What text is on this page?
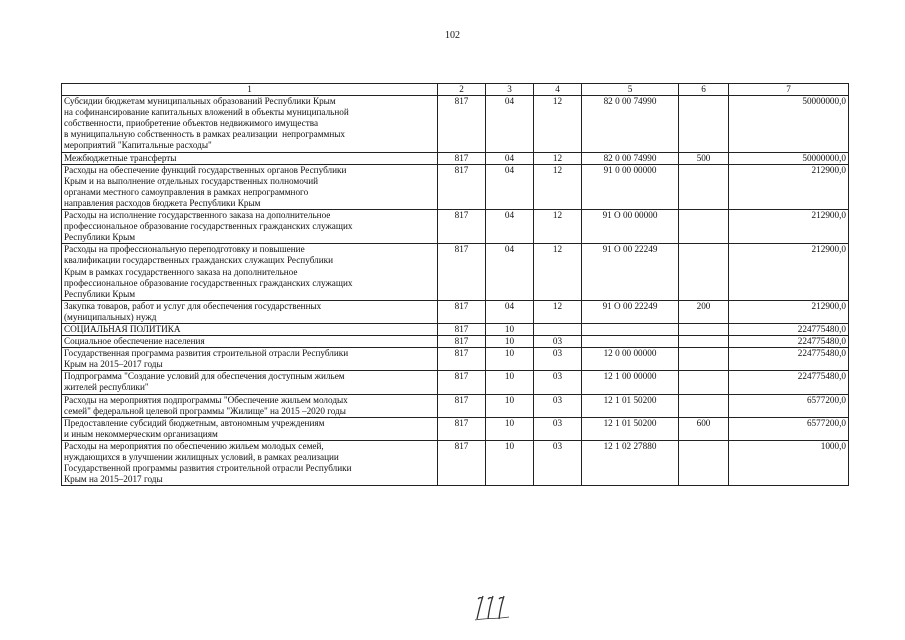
102
1	2	3	4	5	6	7
Субсидии бюджетам муниципальных образований Республики Крым
на софинансирование капитальных вложений в объекты муниципальной
собственности, приобретение объектов недвижимого имущества
в муниципальную собственность в рамках реализации  непрограммных
мероприятий "Капитальные расходы"	817	04	12	82 0 00 74990		50000000,0
Межбюджетные трансферты	817	04	12	82 0 00 74990	500	50000000,0
Расходы на обеспечение функций государственных органов Республики
Крым и на выполнение отдельных государственных полномочий
органами местного самоуправления в рамках непрограммного
направления расходов бюджета Республики Крым	817	04	12	91 0 00 00000		212900,0
Расходы на исполнение государственного заказа на дополнительное
профессиональное образование государственных гражданских служащих
Республики Крым	817	04	12	91 О 00 00000		212900,0
Расходы на профессиональную переподготовку и повышение
квалификации государственных гражданских служащих Республики
Крым в рамках государственного заказа на дополнительное
профессиональное образование государственных гражданских служащих
Республики Крым	817	04	12	91 О 00 22249		212900,0
Закупка товаров, работ и услуг для обеспечения государственных
(муниципальных) нужд	817	04	12	91 О 00 22249	200	212900,0
СОЦИАЛЬНАЯ ПОЛИТИКА	817	10				224775480,0
Социальное обеспечение населения	817	10	03			224775480,0
Государственная программа развития строительной отрасли Республики
Крым на 2015–2017 годы	817	10	03	12 0 00 00000		224775480,0
Подпрограмма "Создание условий для обеспечения доступным жильем
жителей республики"	817	10	03	12 1 00 00000		224775480,0
Расходы на мероприятия подпрограммы "Обеспечение жильем молодых
семей" федеральной целевой программы "Жилище" на 2015 –2020 годы	817	10	03	12 1 01 50200		6577200,0
Предоставление субсидий бюджетным, автономным учреждениям
и иным некоммерческим организациям	817	10	03	12 1 01 50200	600	6577200,0
Расходы на мероприятия по обеспечению жильем молодых семей,
нуждающихся в улучшении жилищных условий, в рамках реализации
Государственной программы развития строительной отрасли Республики
Крым на 2015–2017 годы	817	10	03	12 1 02 27880		1000,0
